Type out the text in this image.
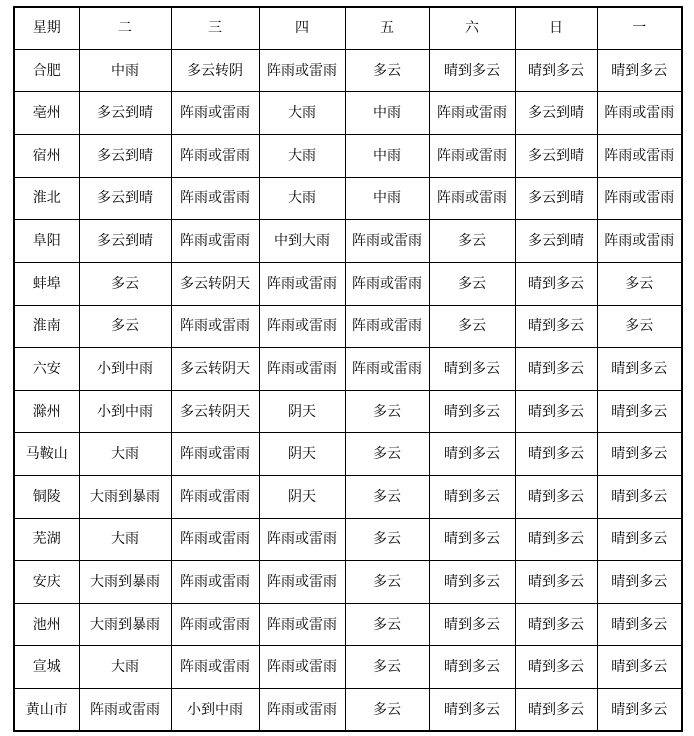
星期	二	三	四	五	六	日	一
合肥	中雨	多云转阴	阵雨或雷雨	多云	晴到多云	晴到多云	晴到多云
亳州	多云到晴	阵雨或雷雨	大雨	中雨	阵雨或雷雨	多云到晴	阵雨或雷雨
宿州	多云到晴	阵雨或雷雨	大雨	中雨	阵雨或雷雨	多云到晴	阵雨或雷雨
淮北	多云到晴	阵雨或雷雨	大雨	中雨	阵雨或雷雨	多云到晴	阵雨或雷雨
阜阳	多云到晴	阵雨或雷雨	中到大雨	阵雨或雷雨	多云	多云到晴	阵雨或雷雨
蚌埠	多云	多云转阴天	阵雨或雷雨	阵雨或雷雨	多云	晴到多云	多云
淮南	多云	阵雨或雷雨	阵雨或雷雨	阵雨或雷雨	多云	晴到多云	多云
六安	小到中雨	多云转阴天	阵雨或雷雨	阵雨或雷雨	晴到多云	晴到多云	晴到多云
滁州	小到中雨	多云转阴天	阴天	多云	晴到多云	晴到多云	晴到多云
马鞍山	大雨	阵雨或雷雨	阴天	多云	晴到多云	晴到多云	晴到多云
铜陵	大雨到暴雨	阵雨或雷雨	阴天	多云	晴到多云	晴到多云	晴到多云
芜湖	大雨	阵雨或雷雨	阵雨或雷雨	多云	晴到多云	晴到多云	晴到多云
安庆	大雨到暴雨	阵雨或雷雨	阵雨或雷雨	多云	晴到多云	晴到多云	晴到多云
池州	大雨到暴雨	阵雨或雷雨	阵雨或雷雨	多云	晴到多云	晴到多云	晴到多云
宣城	大雨	阵雨或雷雨	阵雨或雷雨	多云	晴到多云	晴到多云	晴到多云
黄山市	阵雨或雷雨	小到中雨	阵雨或雷雨	多云	晴到多云	晴到多云	晴到多云
